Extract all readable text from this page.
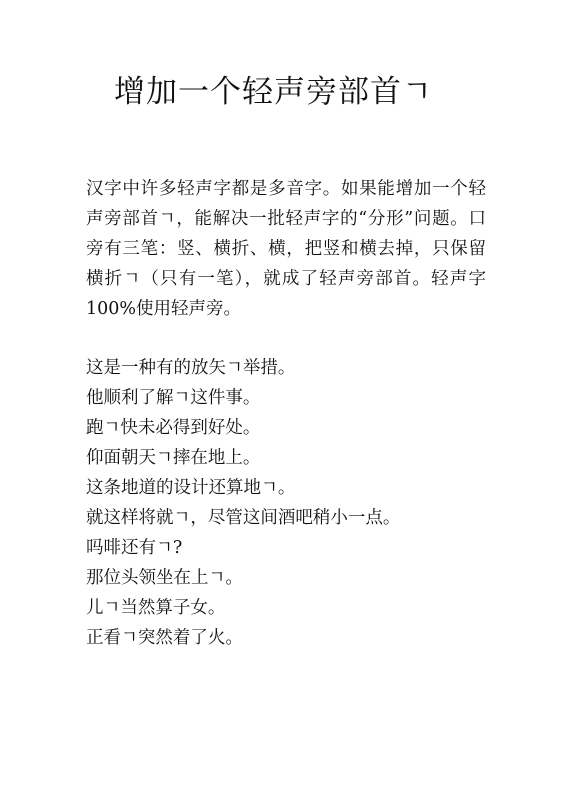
增加一个轻声旁部首ㄱ

汉字中许多轻声字都是多音字。如果能增加一个轻声旁部首ㄱ，能解决一批轻声字的“分形”问题。口旁有三笔：竖、横折、横，把竖和横去掉，只保留横折ㄱ（只有一笔），就成了轻声旁部首。轻声字 100%使用轻声旁。

这是一种有的放矢ㄱ举措。
他顺利了解ㄱ这件事。
跑ㄱ快未必得到好处。
仰面朝天ㄱ摔在地上。
这条地道的设计还算地ㄱ。
就这样将就ㄱ，尽管这间酒吧稍小一点。
吗啡还有ㄱ?
那位头领坐在上ㄱ。
儿ㄱ当然算子女。
正看ㄱ突然着了火。
